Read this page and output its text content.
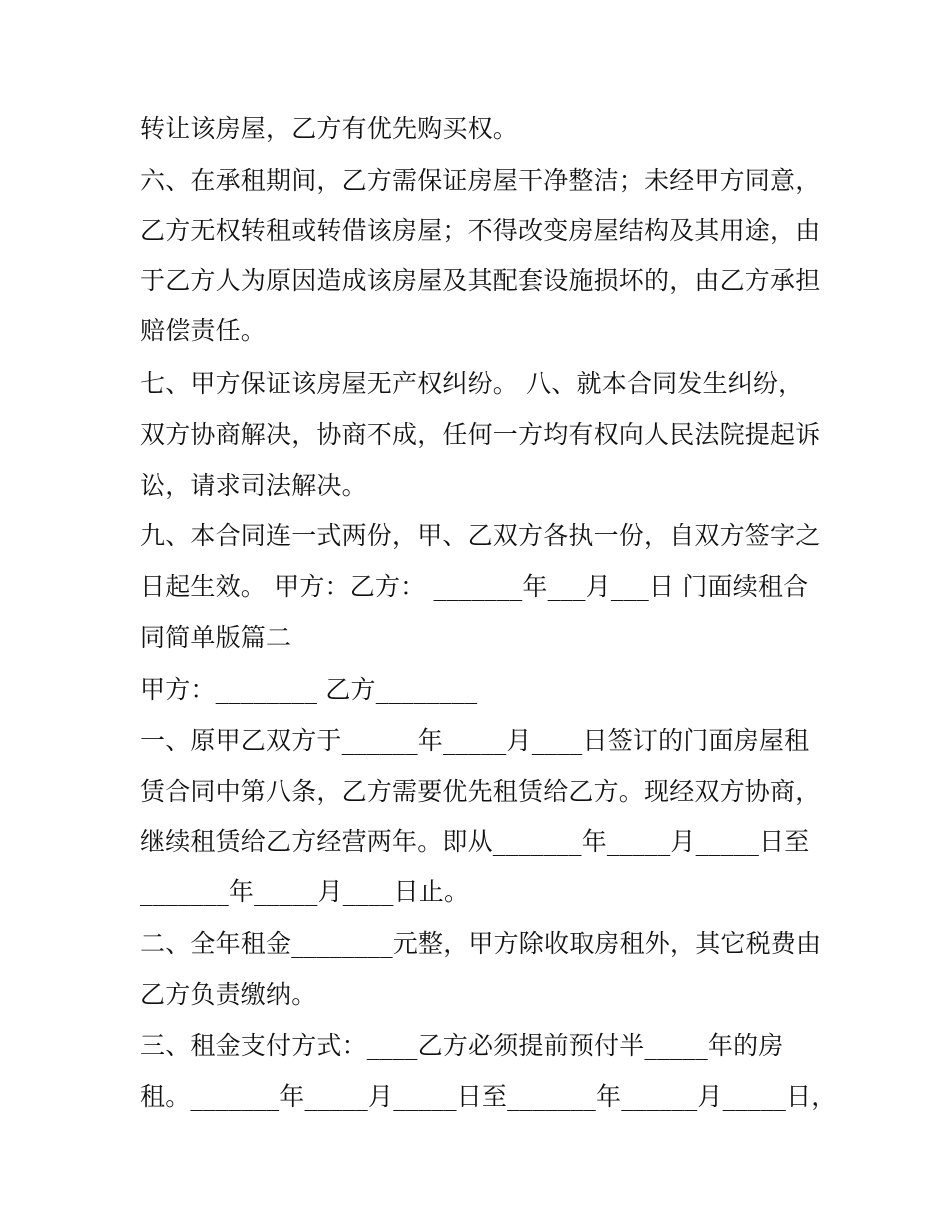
转让该房屋，乙方有优先购买权。

六、在承租期间，乙方需保证房屋干净整洁；未经甲方同意，

乙方无权转租或转借该房屋；不得改变房屋结构及其用途，由

于乙方人为原因造成该房屋及其配套设施损坏的，由乙方承担

赔偿责任。

七、甲方保证该房屋无产权纠纷。 八、就本合同发生纠纷，

双方协商解决，协商不成，任何一方均有权向人民法院提起诉

讼，请求司法解决。

九、本合同连一式两份，甲、乙双方各执一份，自双方签字之

日起生效。 甲方：乙方： _______年___月___日 门面续租合

同简单版篇二

甲方：________ 乙方________

一、原甲乙双方于______年_____月____日签订的门面房屋租

赁合同中第八条，乙方需要优先租赁给乙方。现经双方协商，

继续租赁给乙方经营两年。即从_______年_____月_____日至

_______年_____月____日止。

二、全年租金________元整，甲方除收取房租外，其它税费由

乙方负责缴纳。

三、租金支付方式：____乙方必须提前预付半_____年的房

租。_______年_____月_____日至_______年______月_____日，
